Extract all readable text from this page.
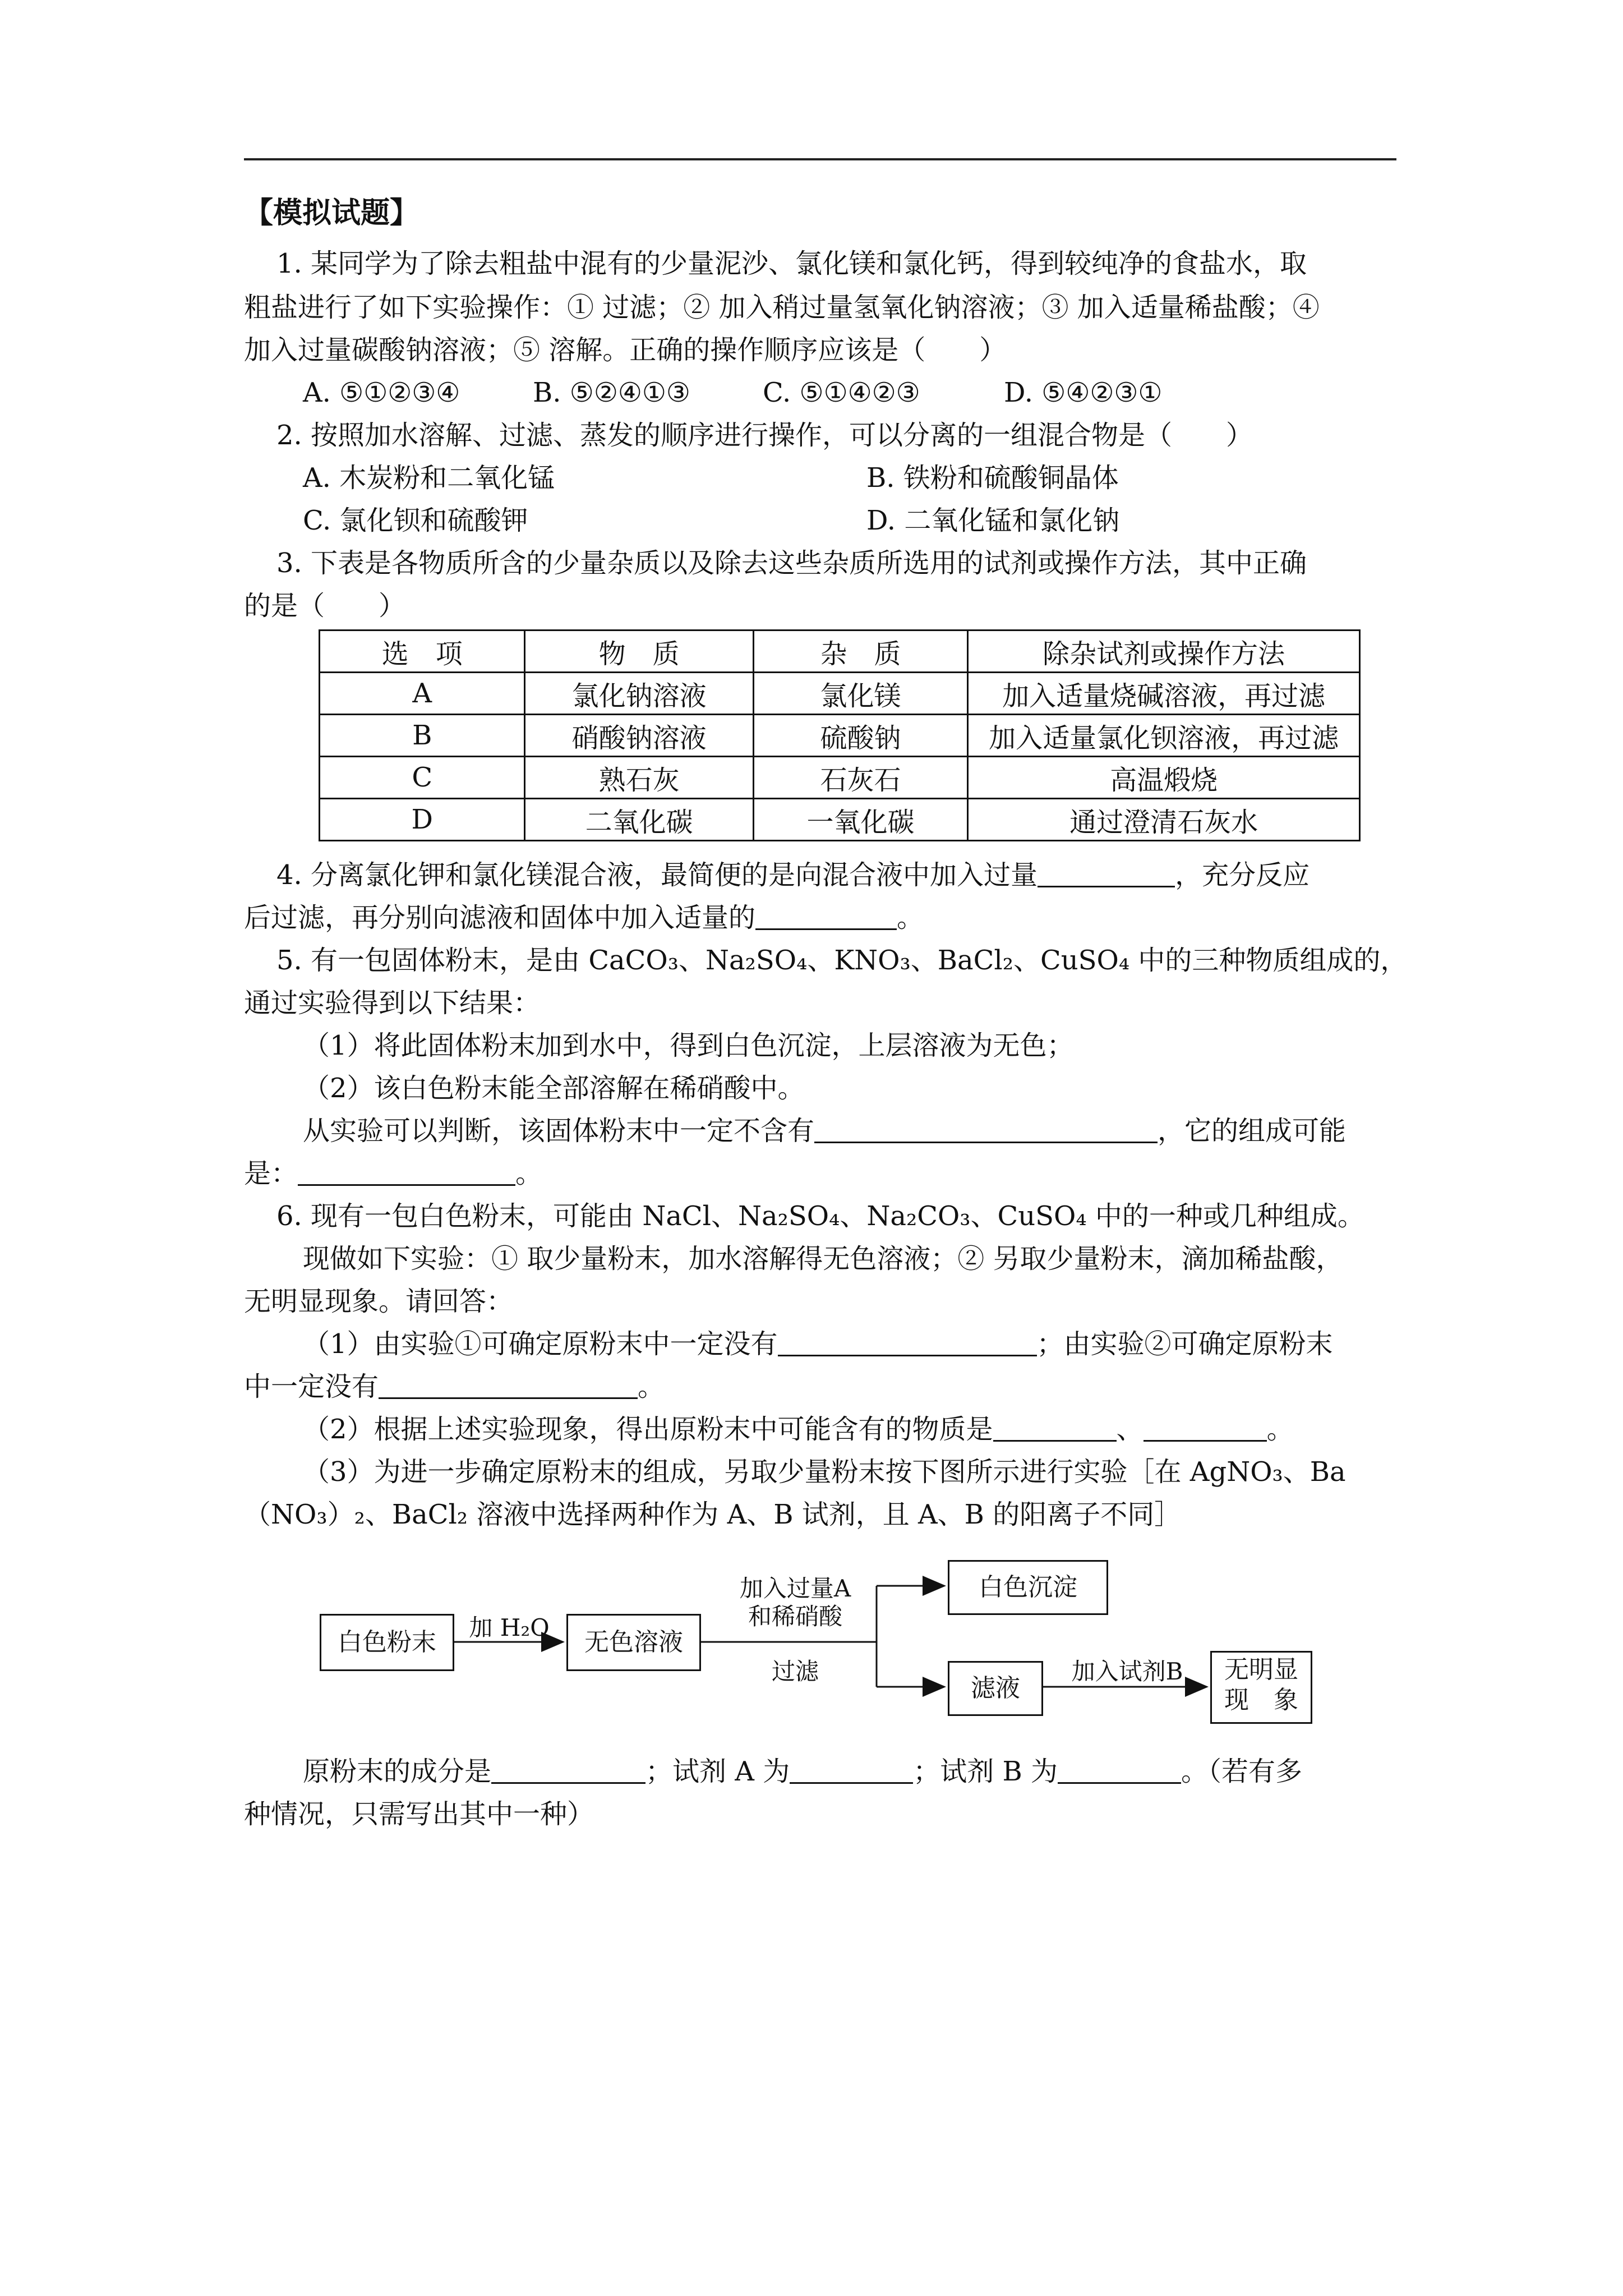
【模拟试题】
1. 某同学为了除去粗盐中混有的少量泥沙、氯化镁和氯化钙，得到较纯净的食盐水，取
粗盐进行了如下实验操作：① 过滤；② 加入稍过量氢氧化钠溶液；③ 加入适量稀盐酸；④
加入过量碳酸钠溶液；⑤ 溶解。正确的操作顺序应该是（　　）
A. ⑤①②③④	B. ⑤②④①③	C. ⑤①④②③	D. ⑤④②③①
2. 按照加水溶解、过滤、蒸发的顺序进行操作，可以分离的一组混合物是（　　）
A. 木炭粉和二氧化锰	B. 铁粉和硫酸铜晶体
C. 氯化钡和硫酸钾	D. 二氧化锰和氯化钠
3. 下表是各物质所含的少量杂质以及除去这些杂质所选用的试剂或操作方法，其中正确
的是（　　）
选　项	物　质	杂　质	除杂试剂或操作方法
A	氯化钠溶液	氯化镁	加入适量烧碱溶液，再过滤
B	硝酸钠溶液	硫酸钠	加入适量氯化钡溶液，再过滤
C	熟石灰	石灰石	高温煅烧
D	二氧化碳	一氧化碳	通过澄清石灰水
4. 分离氯化钾和氯化镁混合液，最简便的是向混合液中加入过量	，充分反应
后过滤，再分别向滤液和固体中加入适量的	。
5. 有一包固体粉末，是由 CaCO₃、Na₂SO₄、KNO₃、BaCl₂、CuSO₄ 中的三种物质组成的，
通过实验得到以下结果：
（1）将此固体粉末加到水中，得到白色沉淀，上层溶液为无色；
（2）该白色粉末能全部溶解在稀硝酸中。
从实验可以判断，该固体粉末中一定不含有	，它的组成可能
是：	。
6. 现有一包白色粉末，可能由 NaCl、Na₂SO₄、Na₂CO₃、CuSO₄ 中的一种或几种组成。
现做如下实验：① 取少量粉末，加水溶解得无色溶液；② 另取少量粉末，滴加稀盐酸，
无明显现象。请回答：
（1）由实验①可确定原粉末中一定没有	；由实验②可确定原粉末
中一定没有	。
（2）根据上述实验现象，得出原粉末中可能含有的物质是	、	。
（3）为进一步确定原粉末的组成，另取少量粉末按下图所示进行实验［在 AgNO₃、Ba
（NO₃）₂、BaCl₂ 溶液中选择两种作为 A、B 试剂，且 A、B 的阳离子不同］
白色粉末
加 H₂O
无色溶液
加入过量A
和稀硝酸
过滤
白色沉淀
滤液
加入试剂B	无明显
现　象
原粉末的成分是	；试剂 A 为	；试剂 B 为	。（若有多
种情况，只需写出其中一种）
